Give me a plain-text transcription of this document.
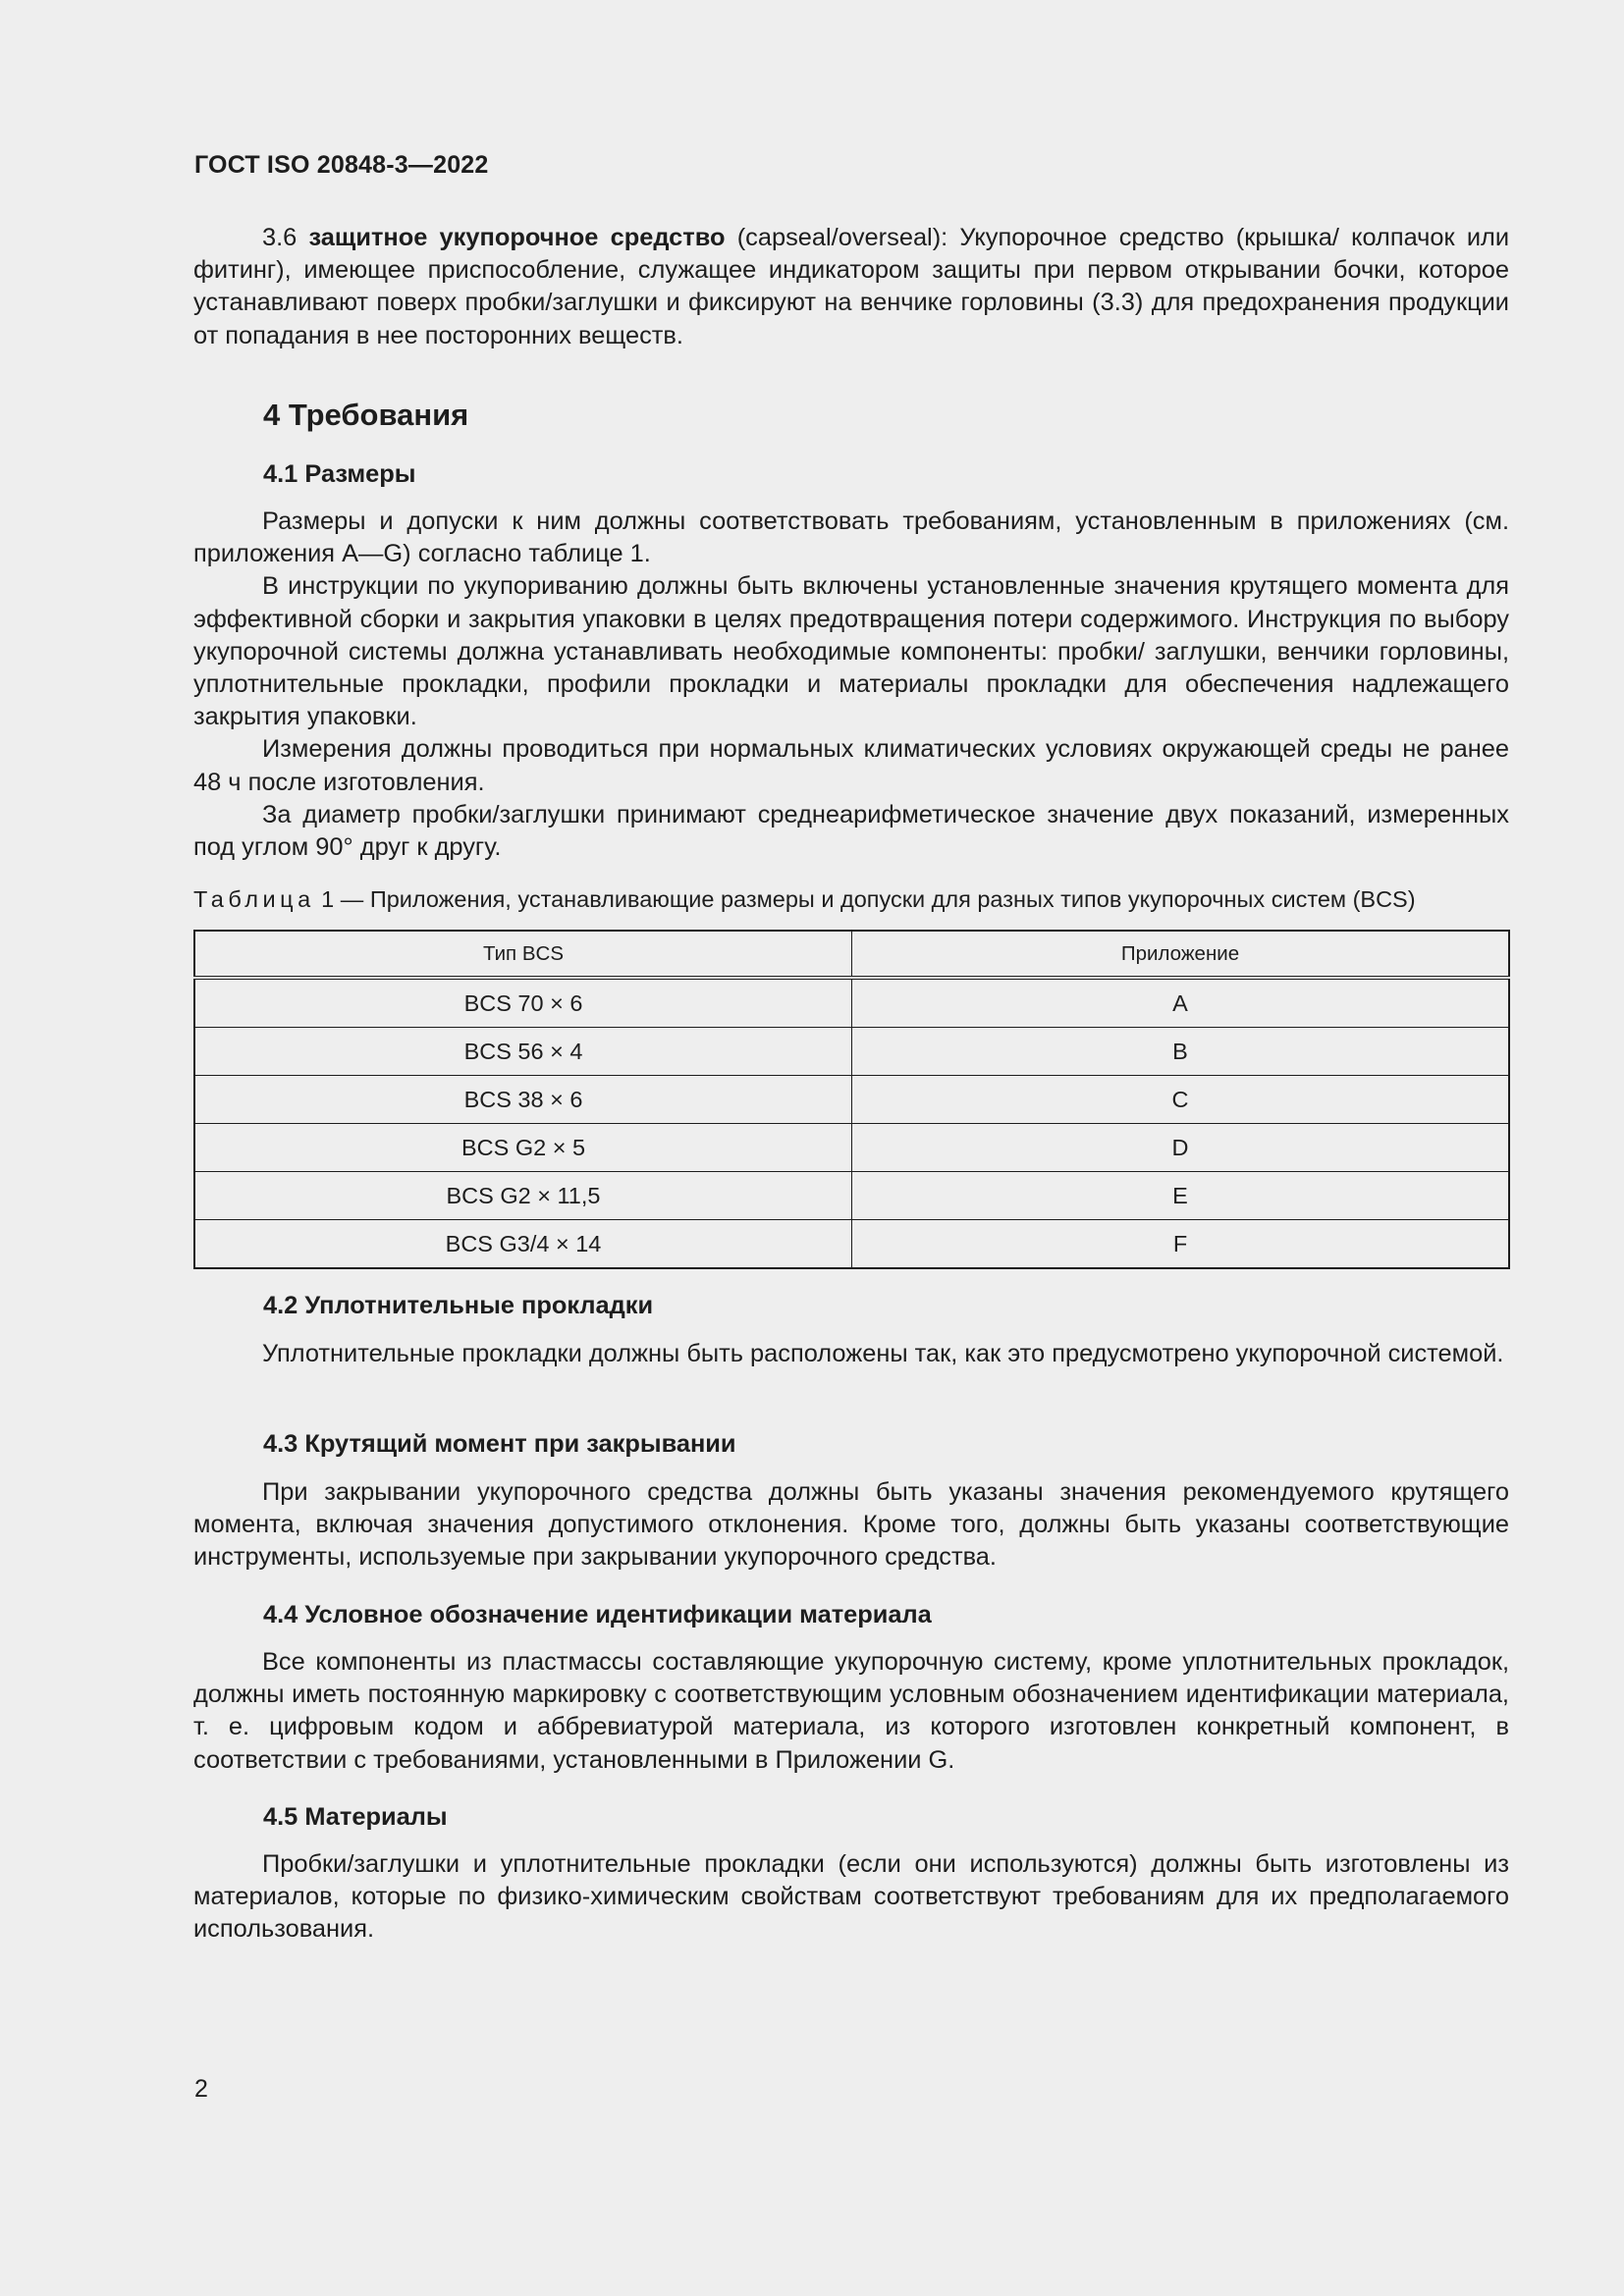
ГОСТ ISO 20848-3—2022

3.6 защитное укупорочное средство (capseal/overseal): Укупорочное средство (крышка/ колпачок или фитинг), имеющее приспособление, служащее индикатором защиты при первом открывании бочки, которое устанавливают поверх пробки/заглушки и фиксируют на венчике горловины (3.3) для предохранения продукции от попадания в нее посторонних веществ.

4 Требования
4.1 Размеры

Размеры и допуски к ним должны соответствовать требованиям, установленным в приложениях (см. приложения A—G) согласно таблице 1.

В инструкции по укупориванию должны быть включены установленные значения крутящего момента для эффективной сборки и закрытия упаковки в целях предотвращения потери содержимого. Инструкция по выбору укупорочной системы должна устанавливать необходимые компоненты: пробки/ заглушки, венчики горловины, уплотнительные прокладки, профили прокладки и материалы прокладки для обеспечения надлежащего закрытия упаковки.

Измерения должны проводиться при нормальных климатических условиях окружающей среды не ранее 48 ч после изготовления.

За диаметр пробки/заглушки принимают среднеарифметическое значение двух показаний, измеренных под углом 90° друг к другу.

Таблица 1 — Приложения, устанавливающие размеры и допуски для разных типов укупорочных систем (BCS)
Тип BCS	Приложение
BCS 70 × 6	A
BCS 56 × 4	B
BCS 38 × 6	C
BCS G2 × 5	D
BCS G2 × 11,5	E
BCS G3/4 × 14	F
4.2 Уплотнительные прокладки

Уплотнительные прокладки должны быть расположены так, как это предусмотрено укупорочной системой.

4.3 Крутящий момент при закрывании

При закрывании укупорочного средства должны быть указаны значения рекомендуемого крутящего момента, включая значения допустимого отклонения. Кроме того, должны быть указаны соответствующие инструменты, используемые при закрывании укупорочного средства.

4.4 Условное обозначение идентификации материала

Все компоненты из пластмассы составляющие укупорочную систему, кроме уплотнительных прокладок, должны иметь постоянную маркировку с соответствующим условным обозначением идентификации материала, т. е. цифровым кодом и аббревиатурой материала, из которого изготовлен конкретный компонент, в соответствии с требованиями, установленными в Приложении G.

4.5 Материалы

Пробки/заглушки и уплотнительные прокладки (если они используются) должны быть изготовлены из материалов, которые по физико-химическим свойствам соответствуют требованиям для их предполагаемого использования.

2
